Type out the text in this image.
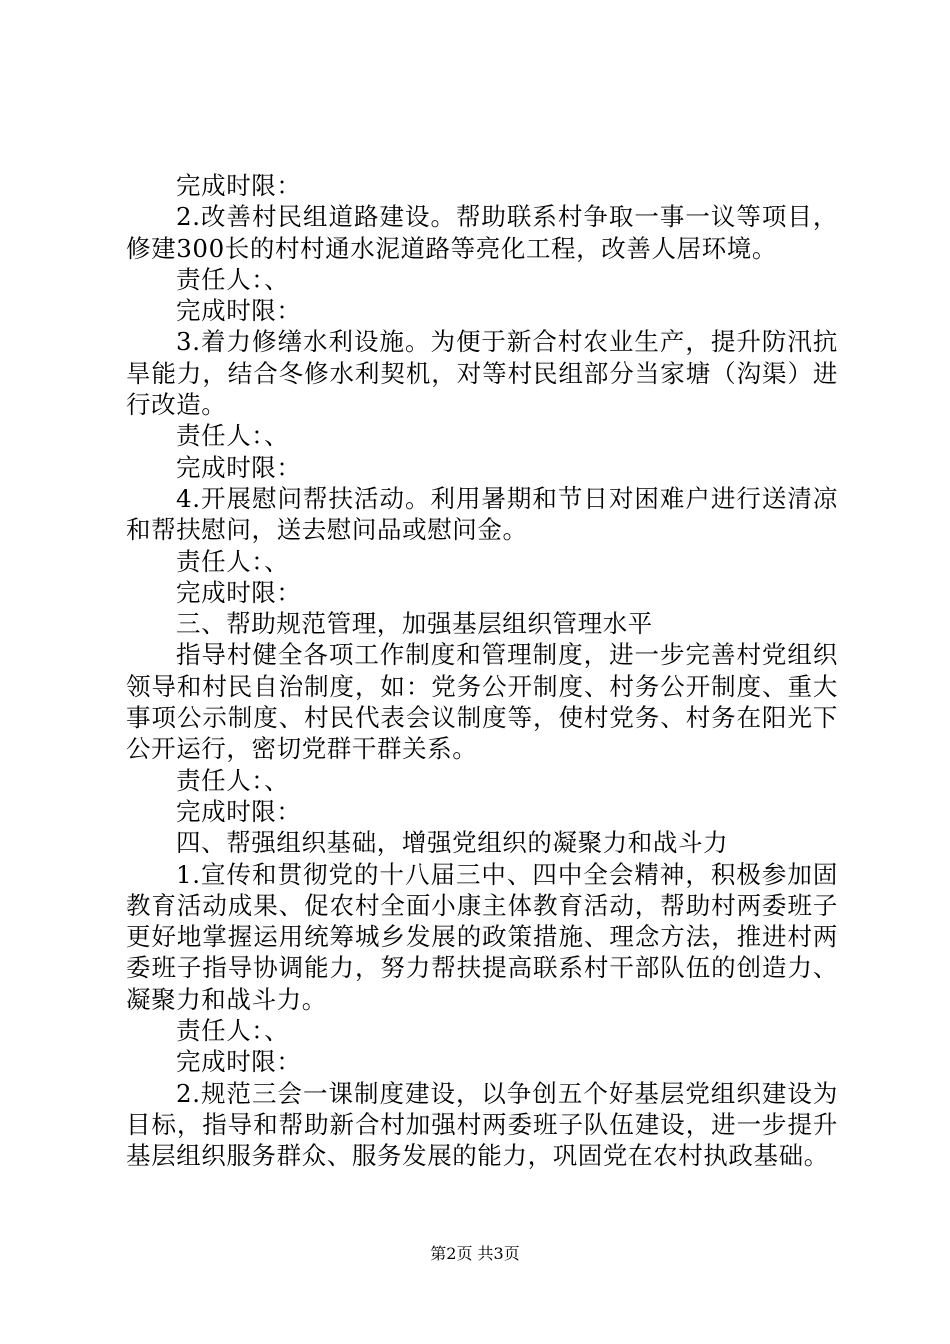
完成时限：

2.改善村民组道路建设。帮助联系村争取一事一议等项目，修建300长的村村通水泥道路等亮化工程，改善人居环境。

责任人：、

完成时限：

3.着力修缮水利设施。为便于新合村农业生产，提升防汛抗旱能力，结合冬修水利契机，对等村民组部分当家塘（沟渠）进行改造。

责任人：、

完成时限：

4.开展慰问帮扶活动。利用暑期和节日对困难户进行送清凉和帮扶慰问，送去慰问品或慰问金。

责任人：、

完成时限：

三、帮助规范管理，加强基层组织管理水平

指导村健全各项工作制度和管理制度，进一步完善村党组织领导和村民自治制度，如：党务公开制度、村务公开制度、重大事项公示制度、村民代表会议制度等，使村党务、村务在阳光下公开运行，密切党群干群关系。

责任人：、

完成时限：

四、帮强组织基础，增强党组织的凝聚力和战斗力

1.宣传和贯彻党的十八届三中、四中全会精神，积极参加固教育活动成果、促农村全面小康主体教育活动，帮助村两委班子更好地掌握运用统筹城乡发展的政策措施、理念方法，推进村两委班子指导协调能力，努力帮扶提高联系村干部队伍的创造力、凝聚力和战斗力。

责任人：、

完成时限：

2.规范三会一课制度建设，以争创五个好基层党组织建设为目标，指导和帮助新合村加强村两委班子队伍建设，进一步提升基层组织服务群众、服务发展的能力，巩固党在农村执政基础。

第2页 共3页
